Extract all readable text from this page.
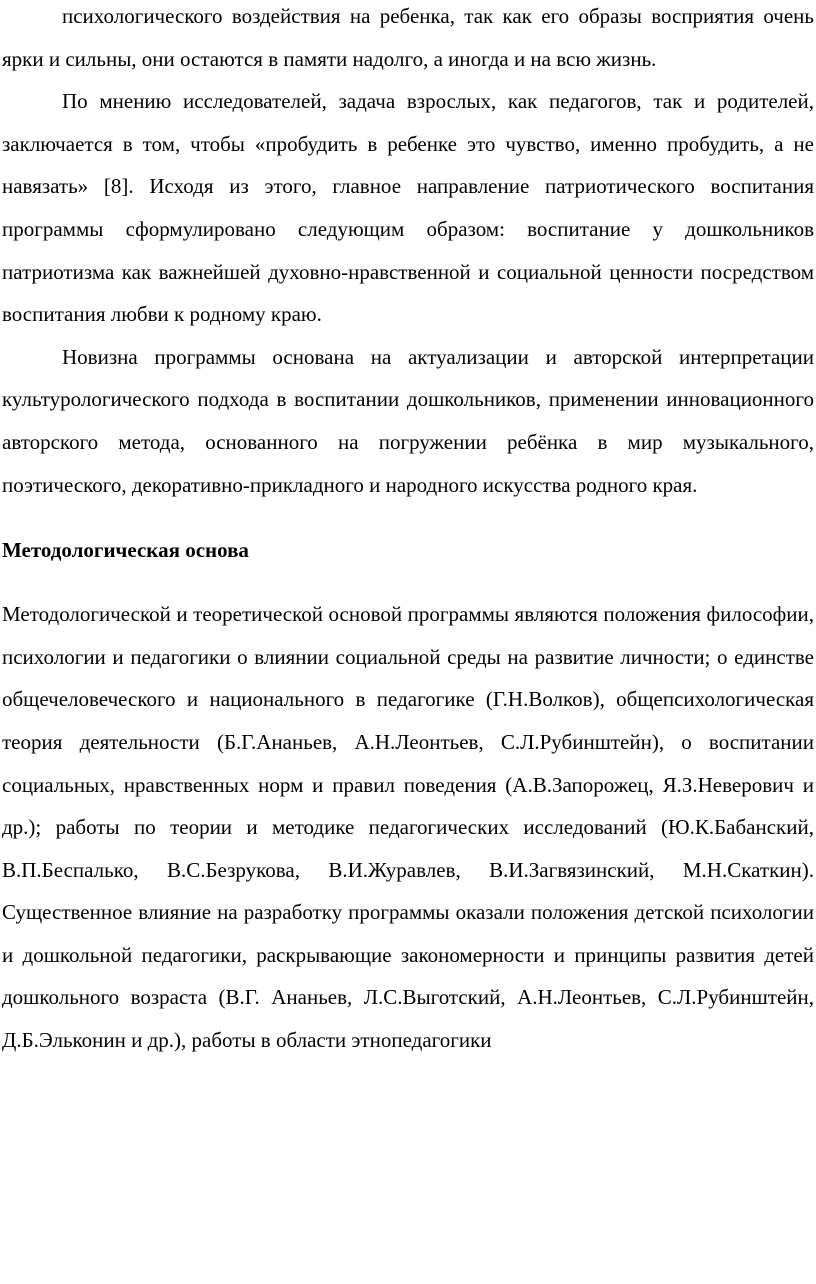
психологического воздействия на ребенка, так как его образы восприятия очень ярки и сильны, они остаются в памяти надолго, а иногда и на всю жизнь.

По мнению исследователей, задача взрослых, как педагогов, так и родителей, заключается в том, чтобы «пробудить в ребенке это чувство, именно пробудить, а не навязать» [8]. Исходя из этого, главное направление патриотического воспитания программы сформулировано следующим образом: воспитание у дошкольников патриотизма как важнейшей духовно-нравственной и социальной ценности посредством воспитания любви к родному краю.

Новизна программы основана на актуализации и авторской интерпретации культурологического подхода в воспитании дошкольников, применении инновационного авторского метода, основанного на погружении ребёнка в мир музыкального, поэтического, декоративно-прикладного и народного искусства родного края.

Методологическая основа

Методологической и теоретической основой программы являются положения философии, психологии и педагогики о влиянии социальной среды на развитие личности; о единстве общечеловеческого и национального в педагогике (Г.Н.Волков), общепсихологическая теория деятельности (Б.Г.Ананьев, А.Н.Леонтьев, С.Л.Рубинштейн), о воспитании социальных, нравственных норм и правил поведения (А.В.Запорожец, Я.З.Неверович и др.); работы по теории и методике педагогических исследований (Ю.К.Бабанский, В.П.Беспалько, В.С.Безрукова, В.И.Журавлев, В.И.Загвязинский, М.Н.Скаткин). Существенное влияние на разработку программы оказали положения детской психологии и дошкольной педагогики, раскрывающие закономерности и принципы развития детей дошкольного возраста (В.Г. Ананьев, Л.С.Выготский, А.Н.Леонтьев, С.Л.Рубинштейн, Д.Б.Эльконин и др.), работы в области этнопедагогики
